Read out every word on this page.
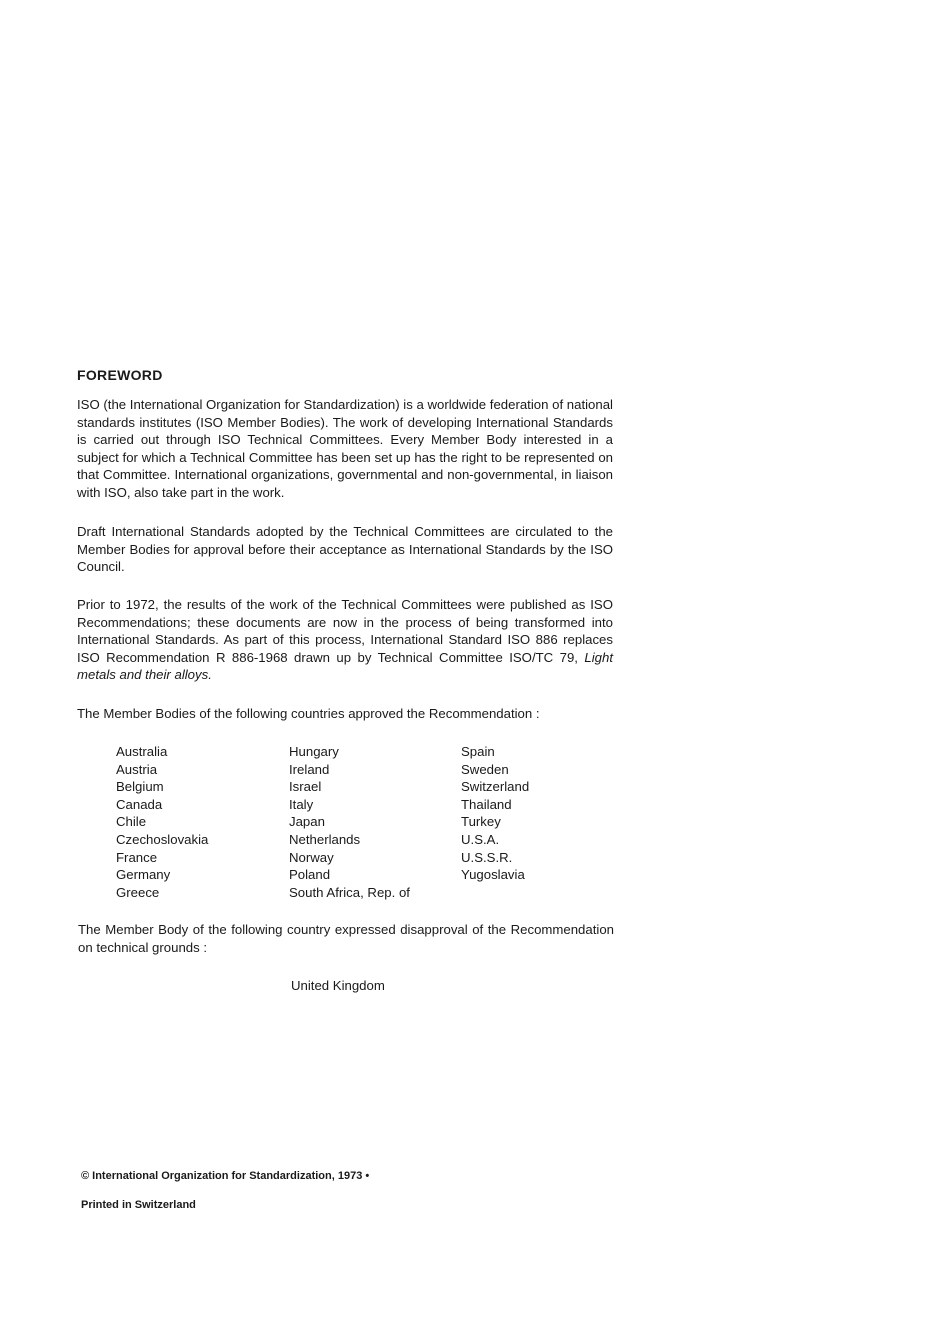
FOREWORD
ISO (the International Organization for Standardization) is a worldwide federation of national standards institutes (ISO Member Bodies). The work of developing International Standards is carried out through ISO Technical Committees. Every Member Body interested in a subject for which a Technical Committee has been set up has the right to be represented on that Committee. International organizations, governmental and non-governmental, in liaison with ISO, also take part in the work.
Draft International Standards adopted by the Technical Committees are circulated to the Member Bodies for approval before their acceptance as International Standards by the ISO Council.
Prior to 1972, the results of the work of the Technical Committees were published as ISO Recommendations; these documents are now in the process of being transformed into International Standards. As part of this process, International Standard ISO 886 replaces ISO Recommendation R 886-1968 drawn up by Technical Committee ISO/TC 79, Light metals and their alloys.
The Member Bodies of the following countries approved the Recommendation :
Australia
Austria
Belgium
Canada
Chile
Czechoslovakia
France
Germany
Greece
Hungary
Ireland
Israel
Italy
Japan
Netherlands
Norway
Poland
South Africa, Rep. of
Spain
Sweden
Switzerland
Thailand
Turkey
U.S.A.
U.S.S.R.
Yugoslavia
The Member Body of the following country expressed disapproval of the Recommendation on technical grounds :
United Kingdom
© International Organization for Standardization, 1973 •
Printed in Switzerland
